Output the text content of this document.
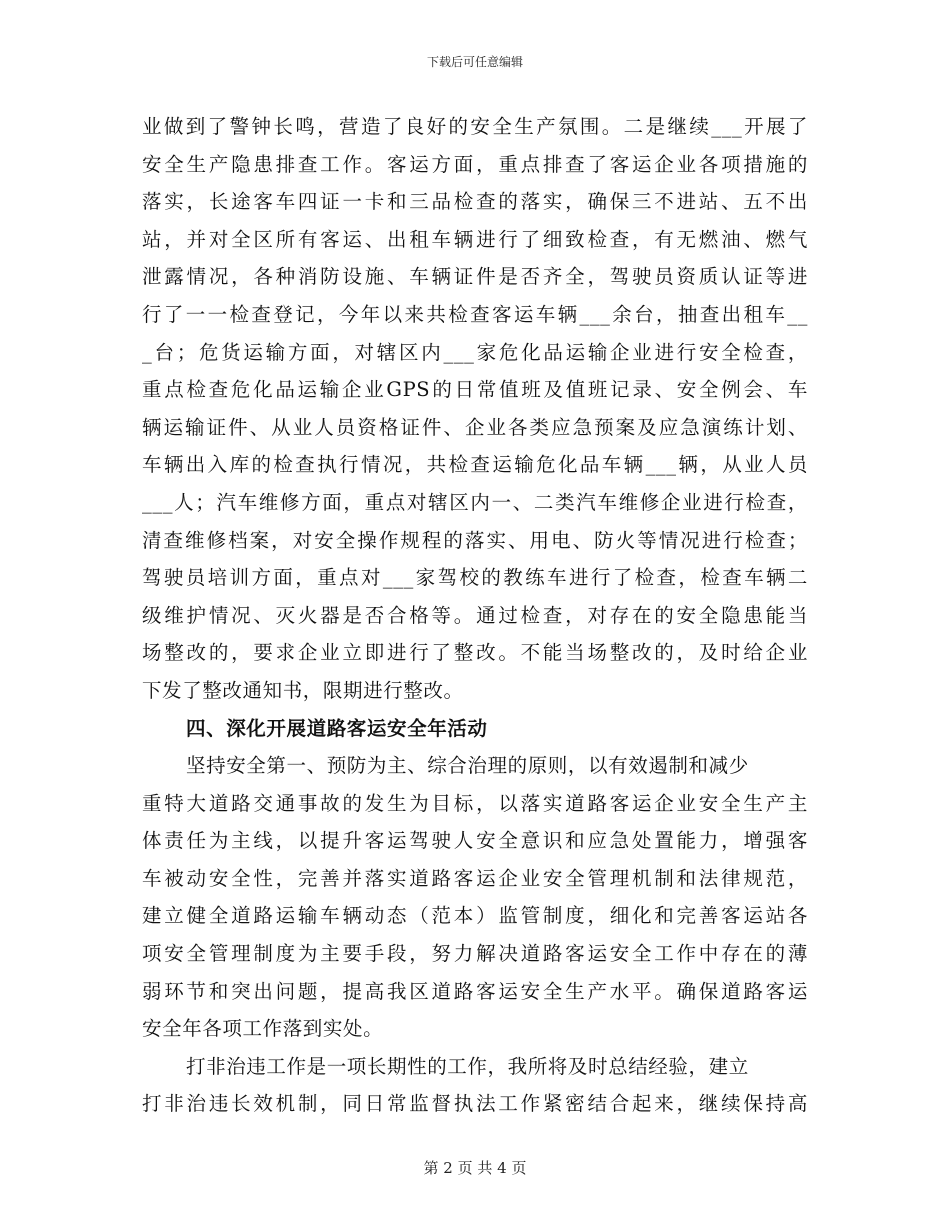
下载后可任意编辑
业做到了警钟长鸣，营造了良好的安全生产氛围。二是继续___开展了
安全生产隐患排查工作。客运方面，重点排查了客运企业各项措施的
落实，长途客车四证一卡和三品检查的落实，确保三不进站、五不出
站，并对全区所有客运、出租车辆进行了细致检查，有无燃油、燃气
泄露情况，各种消防设施、车辆证件是否齐全，驾驶员资质认证等进
行了一一检查登记，今年以来共检查客运车辆___余台，抽查出租车__
_台；危货运输方面，对辖区内___家危化品运输企业进行安全检查，
重点检查危化品运输企业GPS的日常值班及值班记录、安全例会、车
辆运输证件、从业人员资格证件、企业各类应急预案及应急演练计划、
车辆出入库的检查执行情况，共检查运输危化品车辆___辆，从业人员
___人；汽车维修方面，重点对辖区内一、二类汽车维修企业进行检查，
清查维修档案，对安全操作规程的落实、用电、防火等情况进行检查；
驾驶员培训方面，重点对___家驾校的教练车进行了检查，检查车辆二
级维护情况、灭火器是否合格等。通过检查，对存在的安全隐患能当
场整改的，要求企业立即进行了整改。不能当场整改的，及时给企业
下发了整改通知书，限期进行整改。
四、深化开展道路客运安全年活动
坚持安全第一、预防为主、综合治理的原则，以有效遏制和减少
重特大道路交通事故的发生为目标，以落实道路客运企业安全生产主
体责任为主线，以提升客运驾驶人安全意识和应急处置能力，增强客
车被动安全性，完善并落实道路客运企业安全管理机制和法律规范，
建立健全道路运输车辆动态（范本）监管制度，细化和完善客运站各
项安全管理制度为主要手段，努力解决道路客运安全工作中存在的薄
弱环节和突出问题，提高我区道路客运安全生产水平。确保道路客运
安全年各项工作落到实处。
打非治违工作是一项长期性的工作，我所将及时总结经验，建立
打非治违长效机制，同日常监督执法工作紧密结合起来，继续保持高
第 2 页 共 4 页
